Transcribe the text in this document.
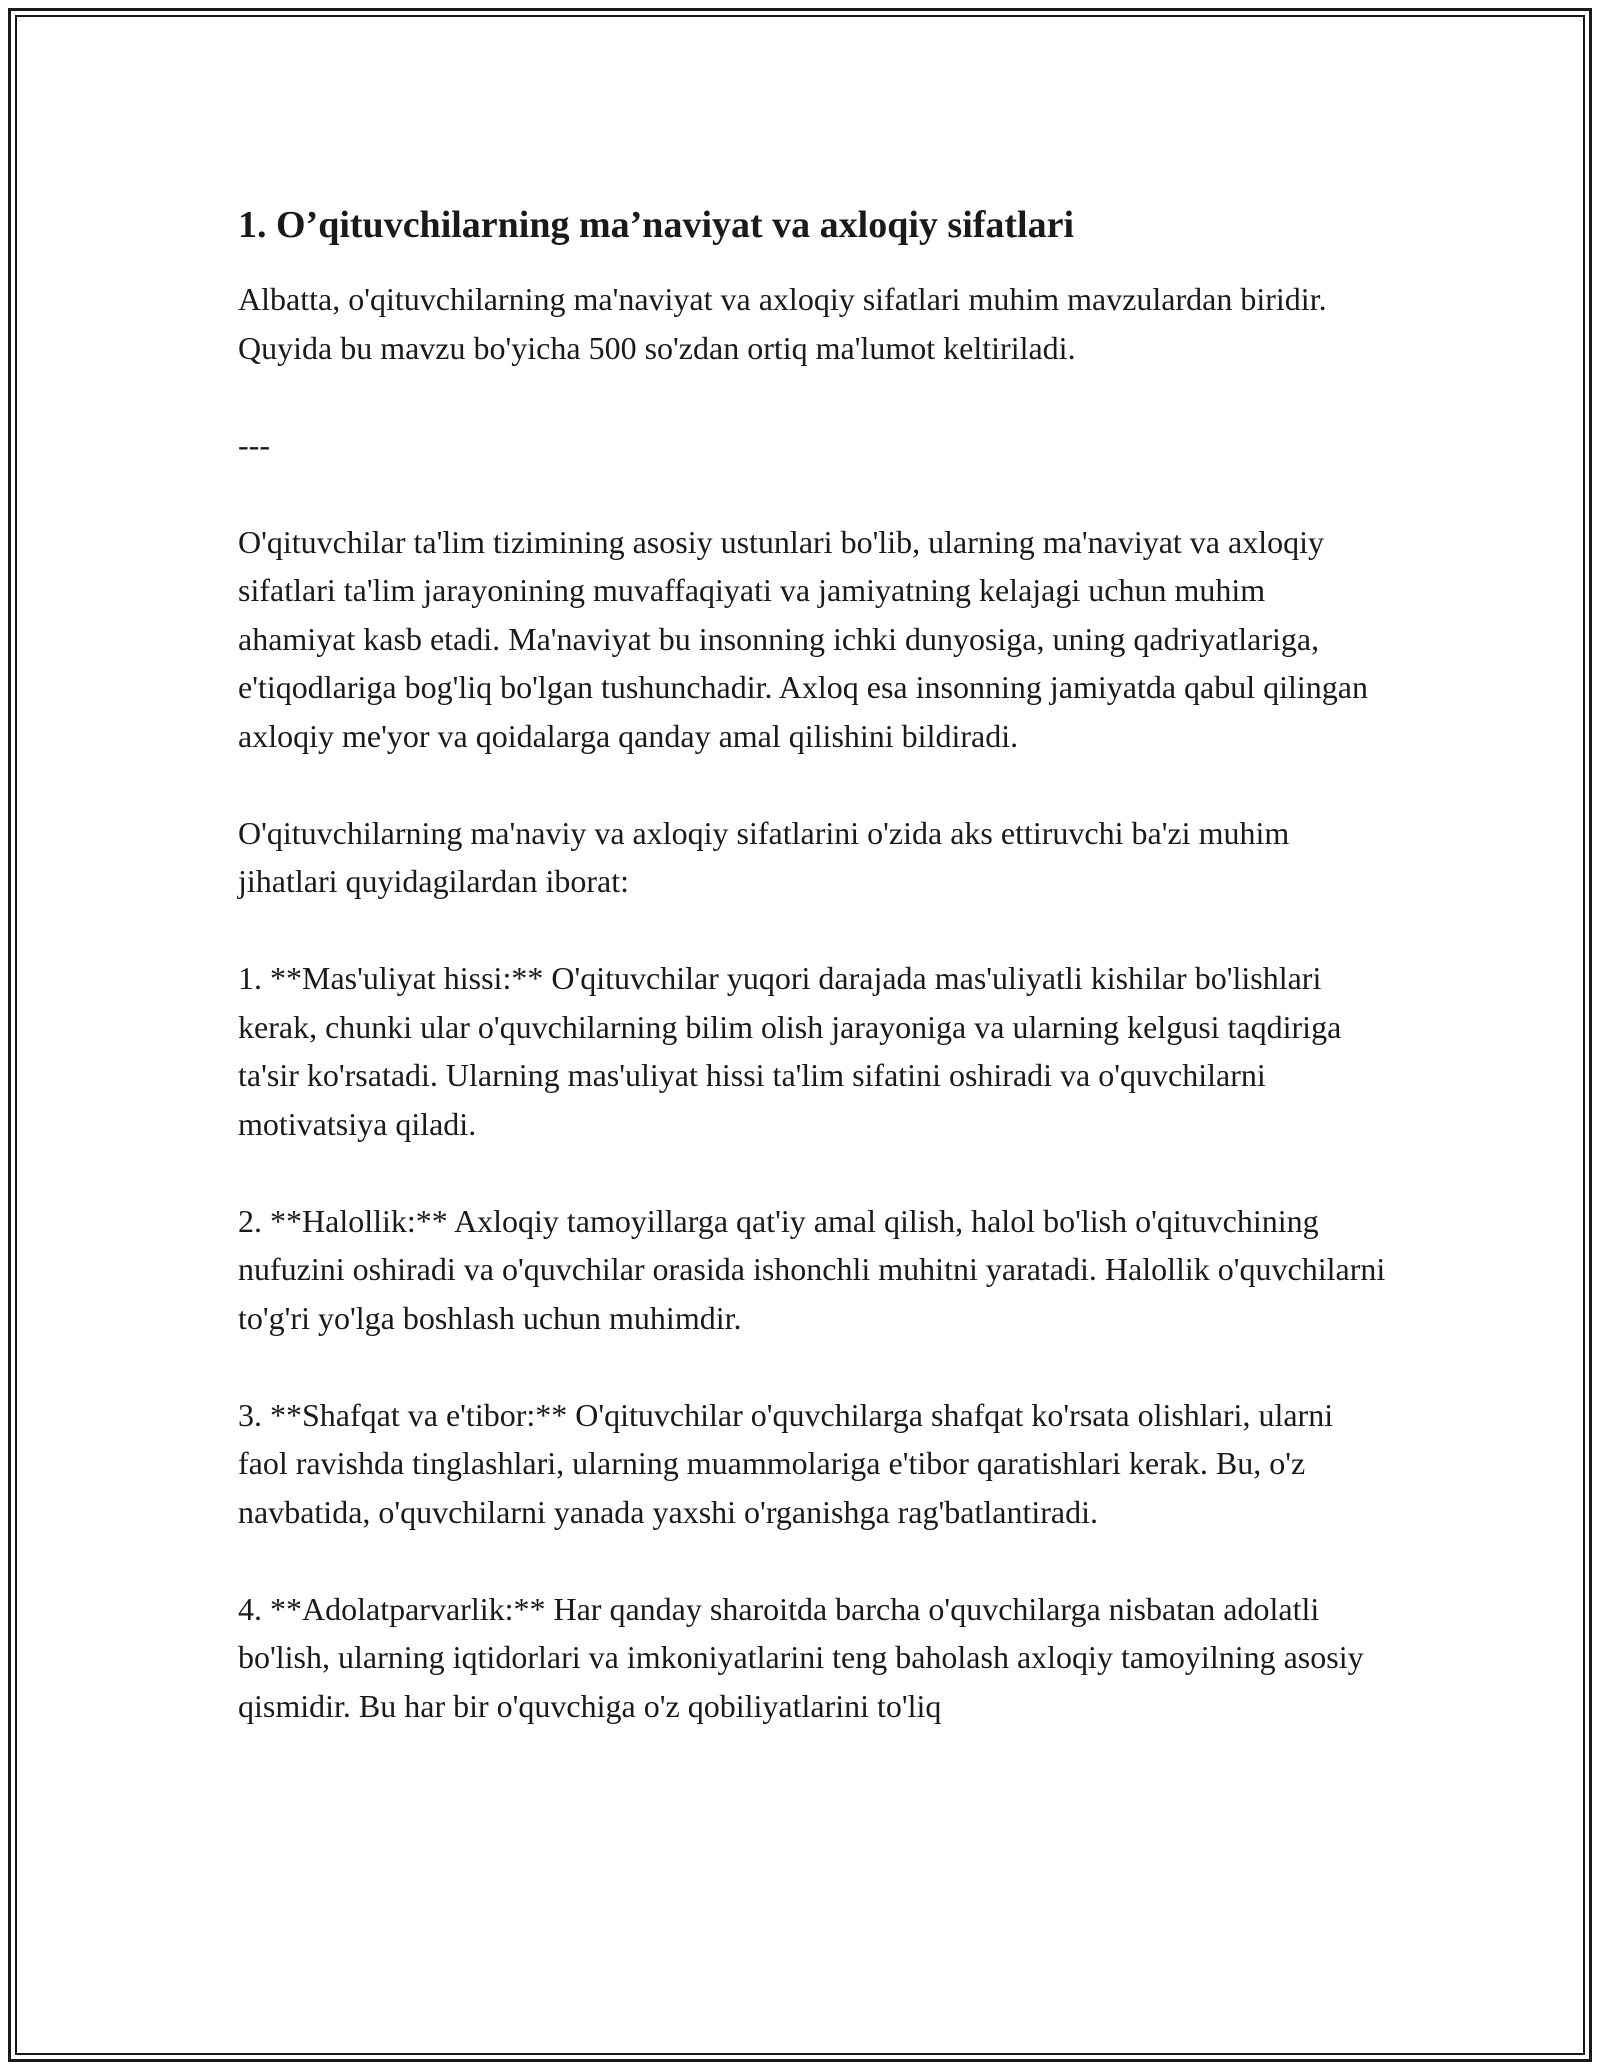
1. O’qituvchilarning ma’naviyat va axloqiy sifatlari

Albatta, o'qituvchilarning ma'naviyat va axloqiy sifatlari muhim mavzulardan biridir. Quyida bu mavzu bo'yicha 500 so'zdan ortiq ma'lumot keltiriladi.

---

O'qituvchilar ta'lim tizimining asosiy ustunlari bo'lib, ularning ma'naviyat va axloqiy sifatlari ta'lim jarayonining muvaffaqiyati va jamiyatning kelajagi uchun muhim ahamiyat kasb etadi. Ma'naviyat bu insonning ichki dunyosiga, uning qadriyatlariga, e'tiqodlariga bog'liq bo'lgan tushunchadir. Axloq esa insonning jamiyatda qabul qilingan axloqiy me'yor va qoidalarga qanday amal qilishini bildiradi.

O'qituvchilarning ma'naviy va axloqiy sifatlarini o'zida aks ettiruvchi ba'zi muhim jihatlari quyidagilardan iborat:

1. **Mas'uliyat hissi:** O'qituvchilar yuqori darajada mas'uliyatli kishilar bo'lishlari kerak, chunki ular o'quvchilarning bilim olish jarayoniga va ularning kelgusi taqdiriga ta'sir ko'rsatadi. Ularning mas'uliyat hissi ta'lim sifatini oshiradi va o'quvchilarni motivatsiya qiladi.

2. **Halollik:** Axloqiy tamoyillarga qat'iy amal qilish, halol bo'lish o'qituvchining nufuzini oshiradi va o'quvchilar orasida ishonchli muhitni yaratadi. Halollik o'quvchilarni to'g'ri yo'lga boshlash uchun muhimdir.

3. **Shafqat va e'tibor:** O'qituvchilar o'quvchilarga shafqat ko'rsata olishlari, ularni faol ravishda tinglashlari, ularning muammolariga e'tibor qaratishlari kerak. Bu, o'z navbatida, o'quvchilarni yanada yaxshi o'rganishga rag'batlantiradi.

4. **Adolatparvarlik:** Har qanday sharoitda barcha o'quvchilarga nisbatan adolatli bo'lish, ularning iqtidorlari va imkoniyatlarini teng baholash axloqiy tamoyilning asosiy qismidir. Bu har bir o'quvchiga o'z qobiliyatlarini to'liq
